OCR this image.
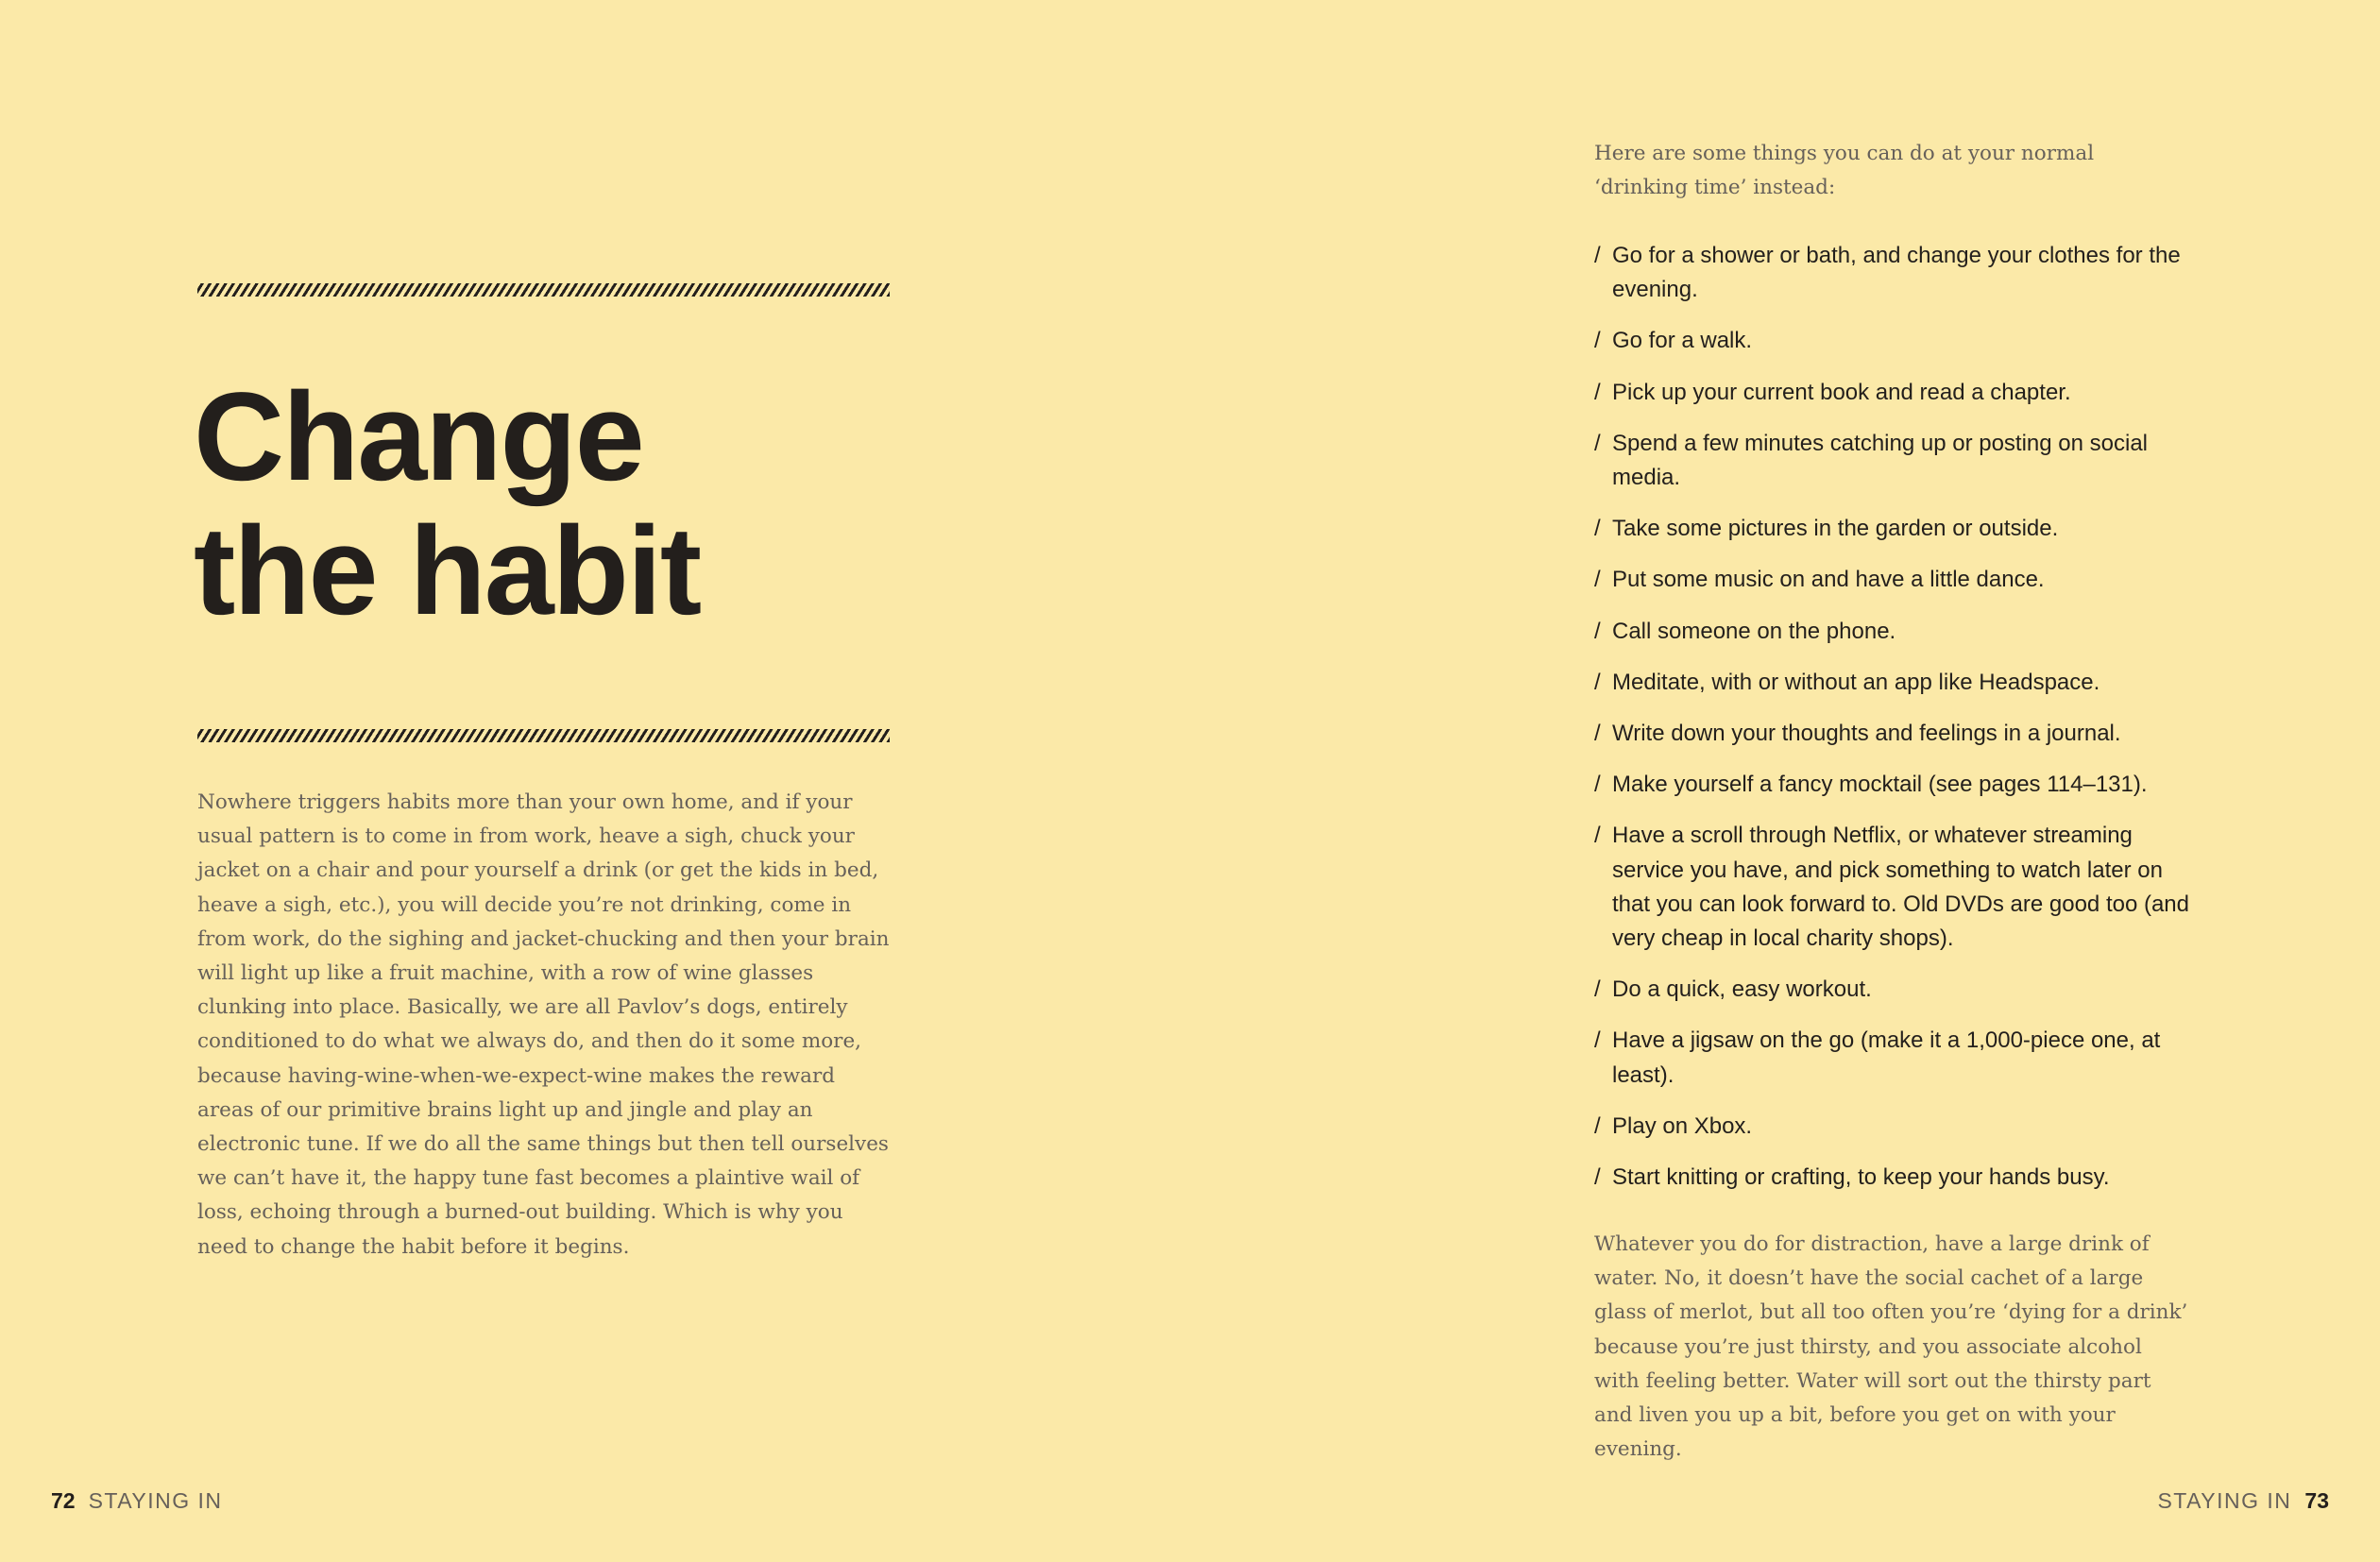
Change
the habit

Nowhere triggers habits more than your own home, and if your usual pattern is to come in from work, heave a sigh, chuck your jacket on a chair and pour yourself a drink (or get the kids in bed, heave a sigh, etc.), you will decide you’re not drinking, come in from work, do the sighing and jacket-chucking and then your brain will light up like a fruit machine, with a row of wine glasses clunking into place. Basically, we are all Pavlov’s dogs, entirely conditioned to do what we always do, and then do it some more, because having-wine-when-we-expect-wine makes the reward areas of our primitive brains light up and jingle and play an electronic tune. If we do all the same things but then tell ourselves we can’t have it, the happy tune fast becomes a plaintive wail of loss, echoing through a burned-out building. Which is why you need to change the habit before it begins.

72 STAYING IN

Here are some things you can do at your normal ‘drinking time’ instead:

/ Go for a shower or bath, and change your clothes for the evening.
/ Go for a walk.
/ Pick up your current book and read a chapter.
/ Spend a few minutes catching up or posting on social media.
/ Take some pictures in the garden or outside.
/ Put some music on and have a little dance.
/ Call someone on the phone.
/ Meditate, with or without an app like Headspace.
/ Write down your thoughts and feelings in a journal.
/ Make yourself a fancy mocktail (see pages 114–131).
/ Have a scroll through Netflix, or whatever streaming service you have, and pick something to watch later on that you can look forward to. Old DVDs are good too (and very cheap in local charity shops).
/ Do a quick, easy workout.
/ Have a jigsaw on the go (make it a 1,000-piece one, at least).
/ Play on Xbox.
/ Start knitting or crafting, to keep your hands busy.

Whatever you do for distraction, have a large drink of water. No, it doesn’t have the social cachet of a large glass of merlot, but all too often you’re ‘dying for a drink’ because you’re just thirsty, and you associate alcohol with feeling better. Water will sort out the thirsty part and liven you up a bit, before you get on with your evening.

STAYING IN 73
